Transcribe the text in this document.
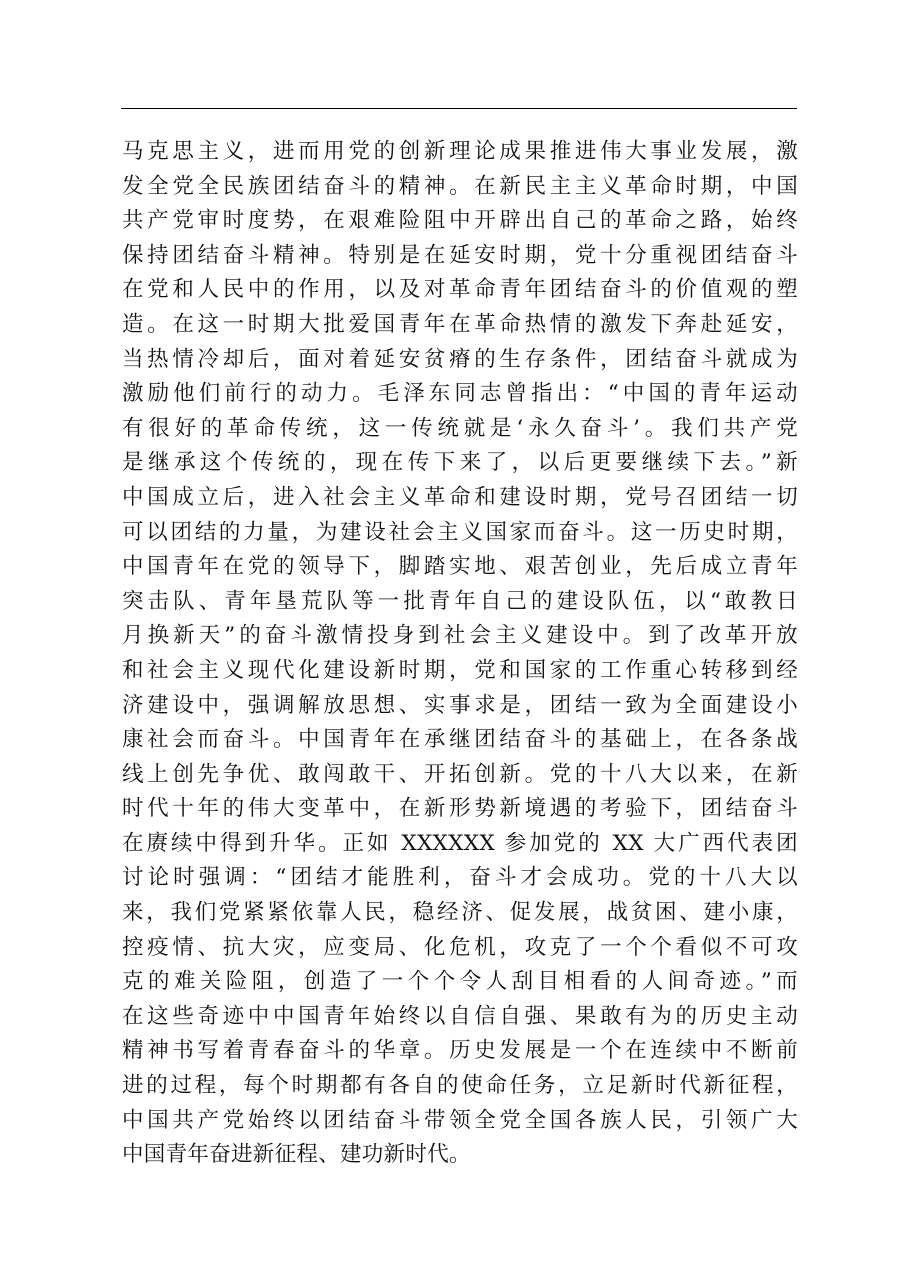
马克思主义，进而用党的创新理论成果推进伟大事业发展，激
发全党全民族团结奋斗的精神。在新民主主义革命时期，中国
共产党审时度势，在艰难险阻中开辟出自己的革命之路，始终
保持团结奋斗精神。特别是在延安时期，党十分重视团结奋斗
在党和人民中的作用，以及对革命青年团结奋斗的价值观的塑
造。在这一时期大批爱国青年在革命热情的激发下奔赴延安，
当热情冷却后，面对着延安贫瘠的生存条件，团结奋斗就成为
激励他们前行的动力。毛泽东同志曾指出：“中国的青年运动
有很好的革命传统，这一传统就是‘永久奋斗’。我们共产党
是继承这个传统的，现在传下来了，以后更要继续下去。”新
中国成立后，进入社会主义革命和建设时期，党号召团结一切
可以团结的力量，为建设社会主义国家而奋斗。这一历史时期，
中国青年在党的领导下，脚踏实地、艰苦创业，先后成立青年
突击队、青年垦荒队等一批青年自己的建设队伍，以“敢教日
月换新天”的奋斗激情投身到社会主义建设中。到了改革开放
和社会主义现代化建设新时期，党和国家的工作重心转移到经
济建设中，强调解放思想、实事求是，团结一致为全面建设小
康社会而奋斗。中国青年在承继团结奋斗的基础上，在各条战
线上创先争优、敢闯敢干、开拓创新。党的十八大以来，在新
时代十年的伟大变革中，在新形势新境遇的考验下，团结奋斗
在赓续中得到升华。正如 XXXXXX 参加党的 XX 大广西代表团
讨论时强调：“团结才能胜利，奋斗才会成功。党的十八大以
来，我们党紧紧依靠人民，稳经济、促发展，战贫困、建小康，
控疫情、抗大灾，应变局、化危机，攻克了一个个看似不可攻
克的难关险阻，创造了一个个令人刮目相看的人间奇迹。”而
在这些奇迹中中国青年始终以自信自强、果敢有为的历史主动
精神书写着青春奋斗的华章。历史发展是一个在连续中不断前
进的过程，每个时期都有各自的使命任务，立足新时代新征程，
中国共产党始终以团结奋斗带领全党全国各族人民，引领广大
中国青年奋进新征程、建功新时代。
